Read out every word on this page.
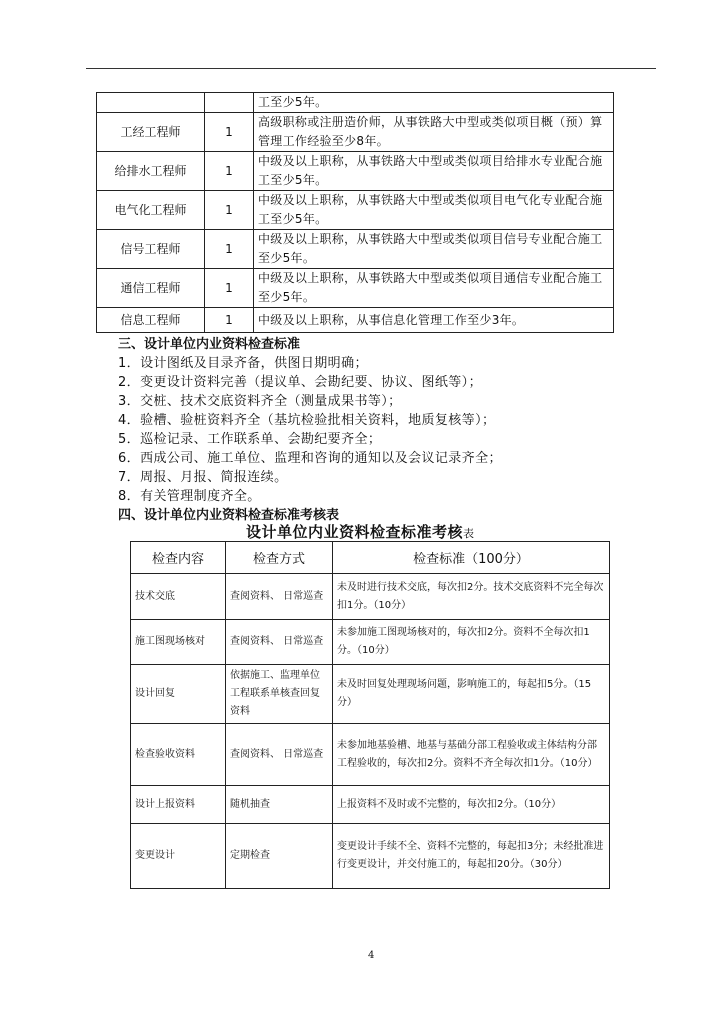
		工至少5年。
工经工程师	1	高级职称或注册造价师，从事铁路大中型或类似项目概（预）算管理工作经验至少8年。
给排水工程师	1	中级及以上职称，从事铁路大中型或类似项目给排水专业配合施工至少5年。
电气化工程师	1	中级及以上职称，从事铁路大中型或类似项目电气化专业配合施工至少5年。
信号工程师	1	中级及以上职称，从事铁路大中型或类似项目信号专业配合施工至少5年。
通信工程师	1	中级及以上职称，从事铁路大中型或类似项目通信专业配合施工至少5年。
信息工程师	1	中级及以上职称，从事信息化管理工作至少3年。
三、设计单位内业资料检查标准
1．设计图纸及目录齐备，供图日期明确；
2．变更设计资料完善（提议单、会勘纪要、协议、图纸等）；
3．交桩、技术交底资料齐全（测量成果书等）；
4．验槽、验桩资料齐全（基坑检验批相关资料，地质复核等）；
5．巡检记录、工作联系单、会勘纪要齐全；
6．西成公司、施工单位、监理和咨询的通知以及会议记录齐全；
7．周报、月报、简报连续。
8．有关管理制度齐全。
四、设计单位内业资料检查标准考核表
设计单位内业资料检查标准考核表
检查内容	检查方式	检查标准（100分）
技术交底	查阅资料、 日常巡查	未及时进行技术交底，每次扣2分。技术交底资料不完全每次扣1分。（10分）
施工图现场核对	查阅资料、 日常巡查	未参加施工图现场核对的，每次扣2分。资料不全每次扣1分。（10分）
设计回复	依据施工、监理单位工程联系单核查回复资料	未及时回复处理现场问题，影响施工的，每起扣5分。（15分）
检查验收资料	查阅资料、 日常巡查	未参加地基验槽、地基与基础分部工程验收或主体结构分部工程验收的，每次扣2分。资料不齐全每次扣1分。（10分）
设计上报资料	随机抽查	上报资料不及时或不完整的，每次扣2分。（10分）
变更设计	定期检查	变更设计手续不全、资料不完整的，每起扣3分；未经批准进行变更设计，并交付施工的，每起扣20分。（30分）
4
